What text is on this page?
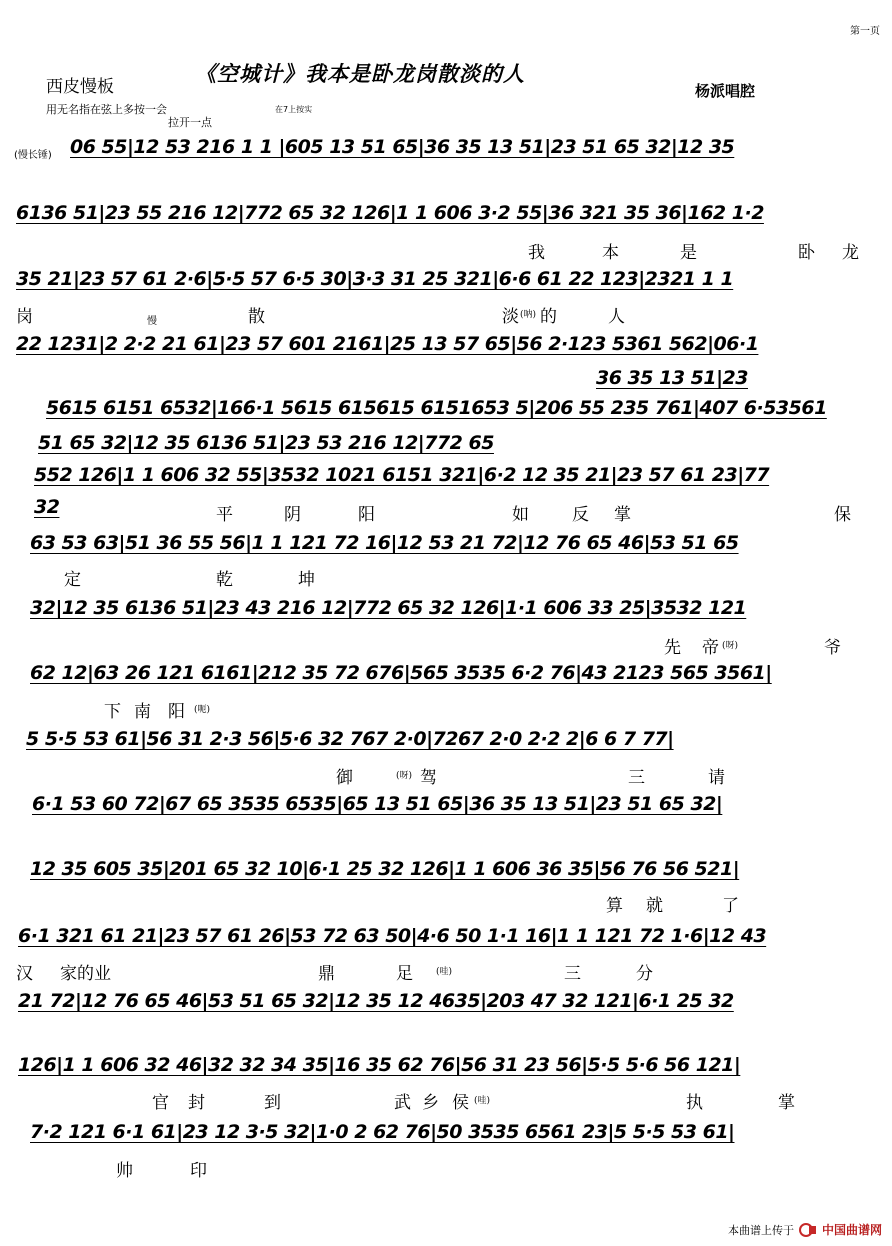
第一页
西皮慢板
《空城计》我本是卧龙岗散淡的人
杨派唱腔
用无名指在弦上多按一会
拉开一点
在7上按实
(慢长锤) 06 55|12 53 216 1 1 |605 13 51 65|36 35 13 51|23 51 65 32|12 35
6136 51|23 55 216 12|772 65 32 126|1 1 606 3·2 55|36 321 35 36|162 1·2
我	本	是	卧 龙
35 21|23 57 61 2·6|5·5 57 6·5 30|3·3 31 25 321|6·6 61 22 123|2321 1 1
岗	散	淡 (呐) 的	人
22 1231|2 2·2 21 61|23 57 601 2161|25 13 57 65|56 2·123 5361 562|06·1
慢
36 35 13 51|23
5615 6151 6532|166·1 5615 615615 6151653 5|206 55 235 761|407 6·53561
51 65 32|12 35 6136 51|23 53 216 12|772 65
552 126|1 1 606 32 55|3532 1021 6151 321|6·2 12 35 21|23 57 61 23|77
32	平	阴	阳	如	反 掌	保
63 53 63|51 36 55 56|1 1 121 72 16|12 53 21 72|12 76 65 46|53 51 65
定	乾	坤
32|12 35 6136 51|23 43 216 12|772 65 32 126|1·1 606 33 25|3532 121
先 帝 (呀)	爷
62 12|63 26 121 6161|212 35 72 676|565 3535 6·2 76|43 2123 565 3561|
下 南 阳 (呃)
5 5·5 53 61|56 31 2·3 56|5·6 32 767 2·0|7267 2·0 2·2 2|6 6 7 77|
御	(呀) 驾	三	请
6·1 53 60 72|67 65 3535 6535|65 13 51 65|36 35 13 51|23 51 65 32|
12 35 605 35|201 65 32 10|6·1 25 32 126|1 1 606 36 35|56 76 56 521|
算 就	了
6·1 321 61 21|23 57 61 26|53 72 63 50|4·6 50 1·1 16|1 1 121 72 1·6|12 43
汉 家的业	鼎	足	(哇)	三	分
21 72|12 76 65 46|53 51 65 32|12 35 12 4635|203 47 32 121|6·1 25 32
126|1 1 606 32 46|32 32 34 35|16 35 62 76|56 31 23 56|5·5 5·6 56 121|
官 封	到	武 乡 侯 (哇)	执	掌
7·2 121 6·1 61|23 12 3·5 32|1·0 2 62 76|50 3535 6561 23|5 5·5 53 61|
帅	印
本曲谱上传于 中国曲谱网
